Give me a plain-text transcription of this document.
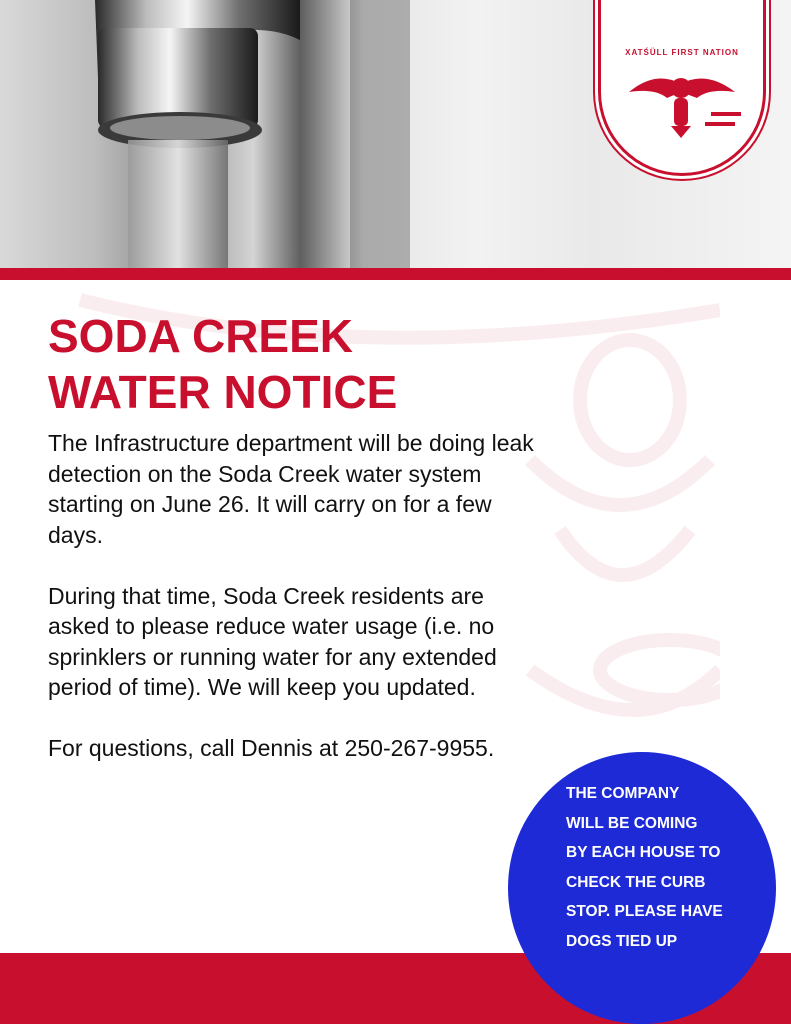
XATŚÜLL FIRST NATION
SODA CREEK
WATER NOTICE

The Infrastructure department will be doing leak detection on the Soda Creek water system starting on June 26. It will carry on for a few days.

During that time, Soda Creek residents are asked to please reduce water usage (i.e. no sprinklers or running water for any extended period of time). We will keep you updated.

For questions, call Dennis at 250-267-9955.

THE COMPANY
WILL BE COMING
BY EACH HOUSE TO
CHECK THE CURB
STOP. PLEASE HAVE
DOGS TIED UP
